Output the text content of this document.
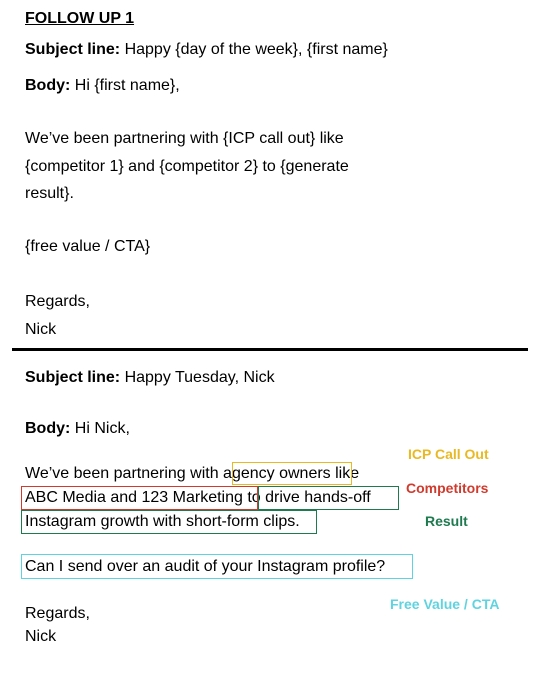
FOLLOW UP 1
Subject line: Happy {day of the week}, {first name}
Body: Hi {first name},
We’ve been partnering with {ICP call out} like
{competitor 1} and {competitor 2} to {generate
result}.
{free value / CTA}
Regards,
Nick
Subject line: Happy Tuesday, Nick
Body: Hi Nick,
We’ve been partnering with agency owners like
ABC Media and 123 Marketing to drive hands-off
Instagram growth with short-form clips.
Can I send over an audit of your Instagram profile?
Regards,
Nick
ICP Call Out
Competitors
Result
Free Value / CTA
